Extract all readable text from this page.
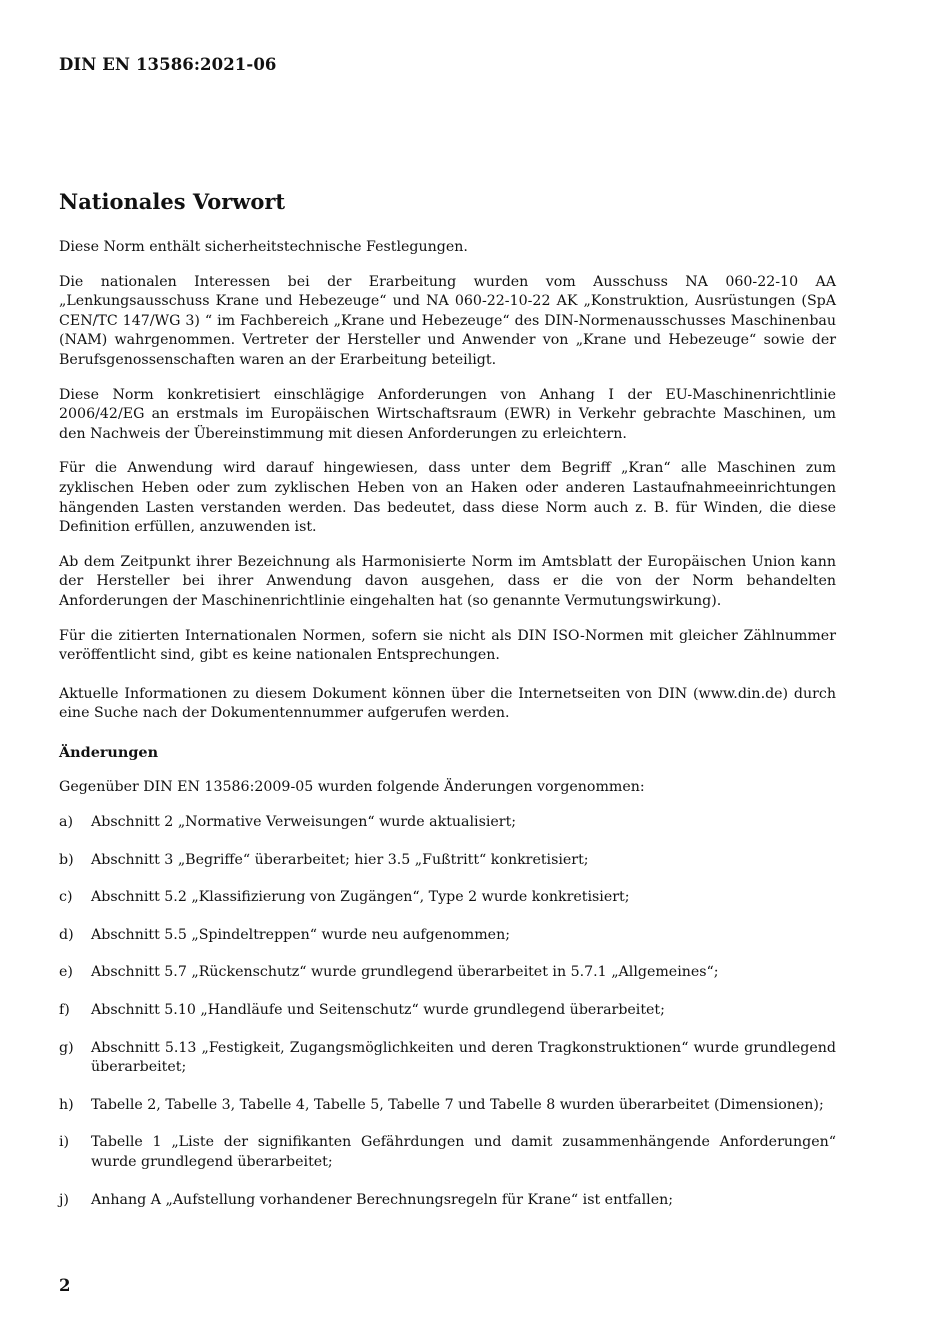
DIN EN 13586:2021-06
Nationales Vorwort

Diese Norm enthält sicherheitstechnische Festlegungen.

Die nationalen Interessen bei der Erarbeitung wurden vom Ausschuss NA 060-22-10 AA „Lenkungsausschuss Krane und Hebezeuge“ und NA 060-22-10-22 AK „Konstruktion, Ausrüstungen (SpA CEN/TC 147/WG 3) “ im Fachbereich „Krane und Hebezeuge“ des DIN-Normenausschusses Maschinenbau (NAM) wahrgenommen. Vertreter der Hersteller und Anwender von „Krane und Hebezeuge“ sowie der Berufsgenossenschaften waren an der Erarbeitung beteiligt.

Diese Norm konkretisiert einschlägige Anforderungen von Anhang I der EU-Maschinenrichtlinie 2006/42/EG an erstmals im Europäischen Wirtschaftsraum (EWR) in Verkehr gebrachte Maschinen, um den Nachweis der Übereinstimmung mit diesen Anforderungen zu erleichtern.

Für die Anwendung wird darauf hingewiesen, dass unter dem Begriff „Kran“ alle Maschinen zum zyklischen Heben oder zum zyklischen Heben von an Haken oder anderen Lastaufnahmeeinrichtungen hängenden Lasten verstanden werden. Das bedeutet, dass diese Norm auch z. B. für Winden, die diese Definition erfüllen, anzuwenden ist.

Ab dem Zeitpunkt ihrer Bezeichnung als Harmonisierte Norm im Amtsblatt der Europäischen Union kann der Hersteller bei ihrer Anwendung davon ausgehen, dass er die von der Norm behandelten Anforderungen der Maschinenrichtlinie eingehalten hat (so genannte Vermutungswirkung).

Für die zitierten Internationalen Normen, sofern sie nicht als DIN ISO-Normen mit gleicher Zählnummer veröffentlicht sind, gibt es keine nationalen Entsprechungen.

Aktuelle Informationen zu diesem Dokument können über die Internetseiten von DIN (www.din.de) durch eine Suche nach der Dokumentennummer aufgerufen werden.

Änderungen

Gegenüber DIN EN 13586:2009-05 wurden folgende Änderungen vorgenommen:

a)	Abschnitt 2 „Normative Verweisungen“ wurde aktualisiert;
b)	Abschnitt 3 „Begriffe“ überarbeitet; hier 3.5 „Fußtritt“ konkretisiert;
c)	Abschnitt 5.2 „Klassifizierung von Zugängen“, Type 2 wurde konkretisiert;
d)	Abschnitt 5.5 „Spindeltreppen“ wurde neu aufgenommen;
e)	Abschnitt 5.7 „Rückenschutz“ wurde grundlegend überarbeitet in 5.7.1 „Allgemeines“;
f)	Abschnitt 5.10 „Handläufe und Seitenschutz“ wurde grundlegend überarbeitet;
g)	Abschnitt 5.13 „Festigkeit, Zugangsmöglichkeiten und deren Tragkonstruktionen“ wurde grundlegend überarbeitet;
h)	Tabelle 2, Tabelle 3, Tabelle 4, Tabelle 5, Tabelle 7 und Tabelle 8 wurden überarbeitet (Dimensionen);
i)	Tabelle 1 „Liste der signifikanten Gefährdungen und damit zusammenhängende Anforderungen“ wurde grundlegend überarbeitet;
j)	Anhang A „Aufstellung vorhandener Berechnungsregeln für Krane“ ist entfallen;
2
